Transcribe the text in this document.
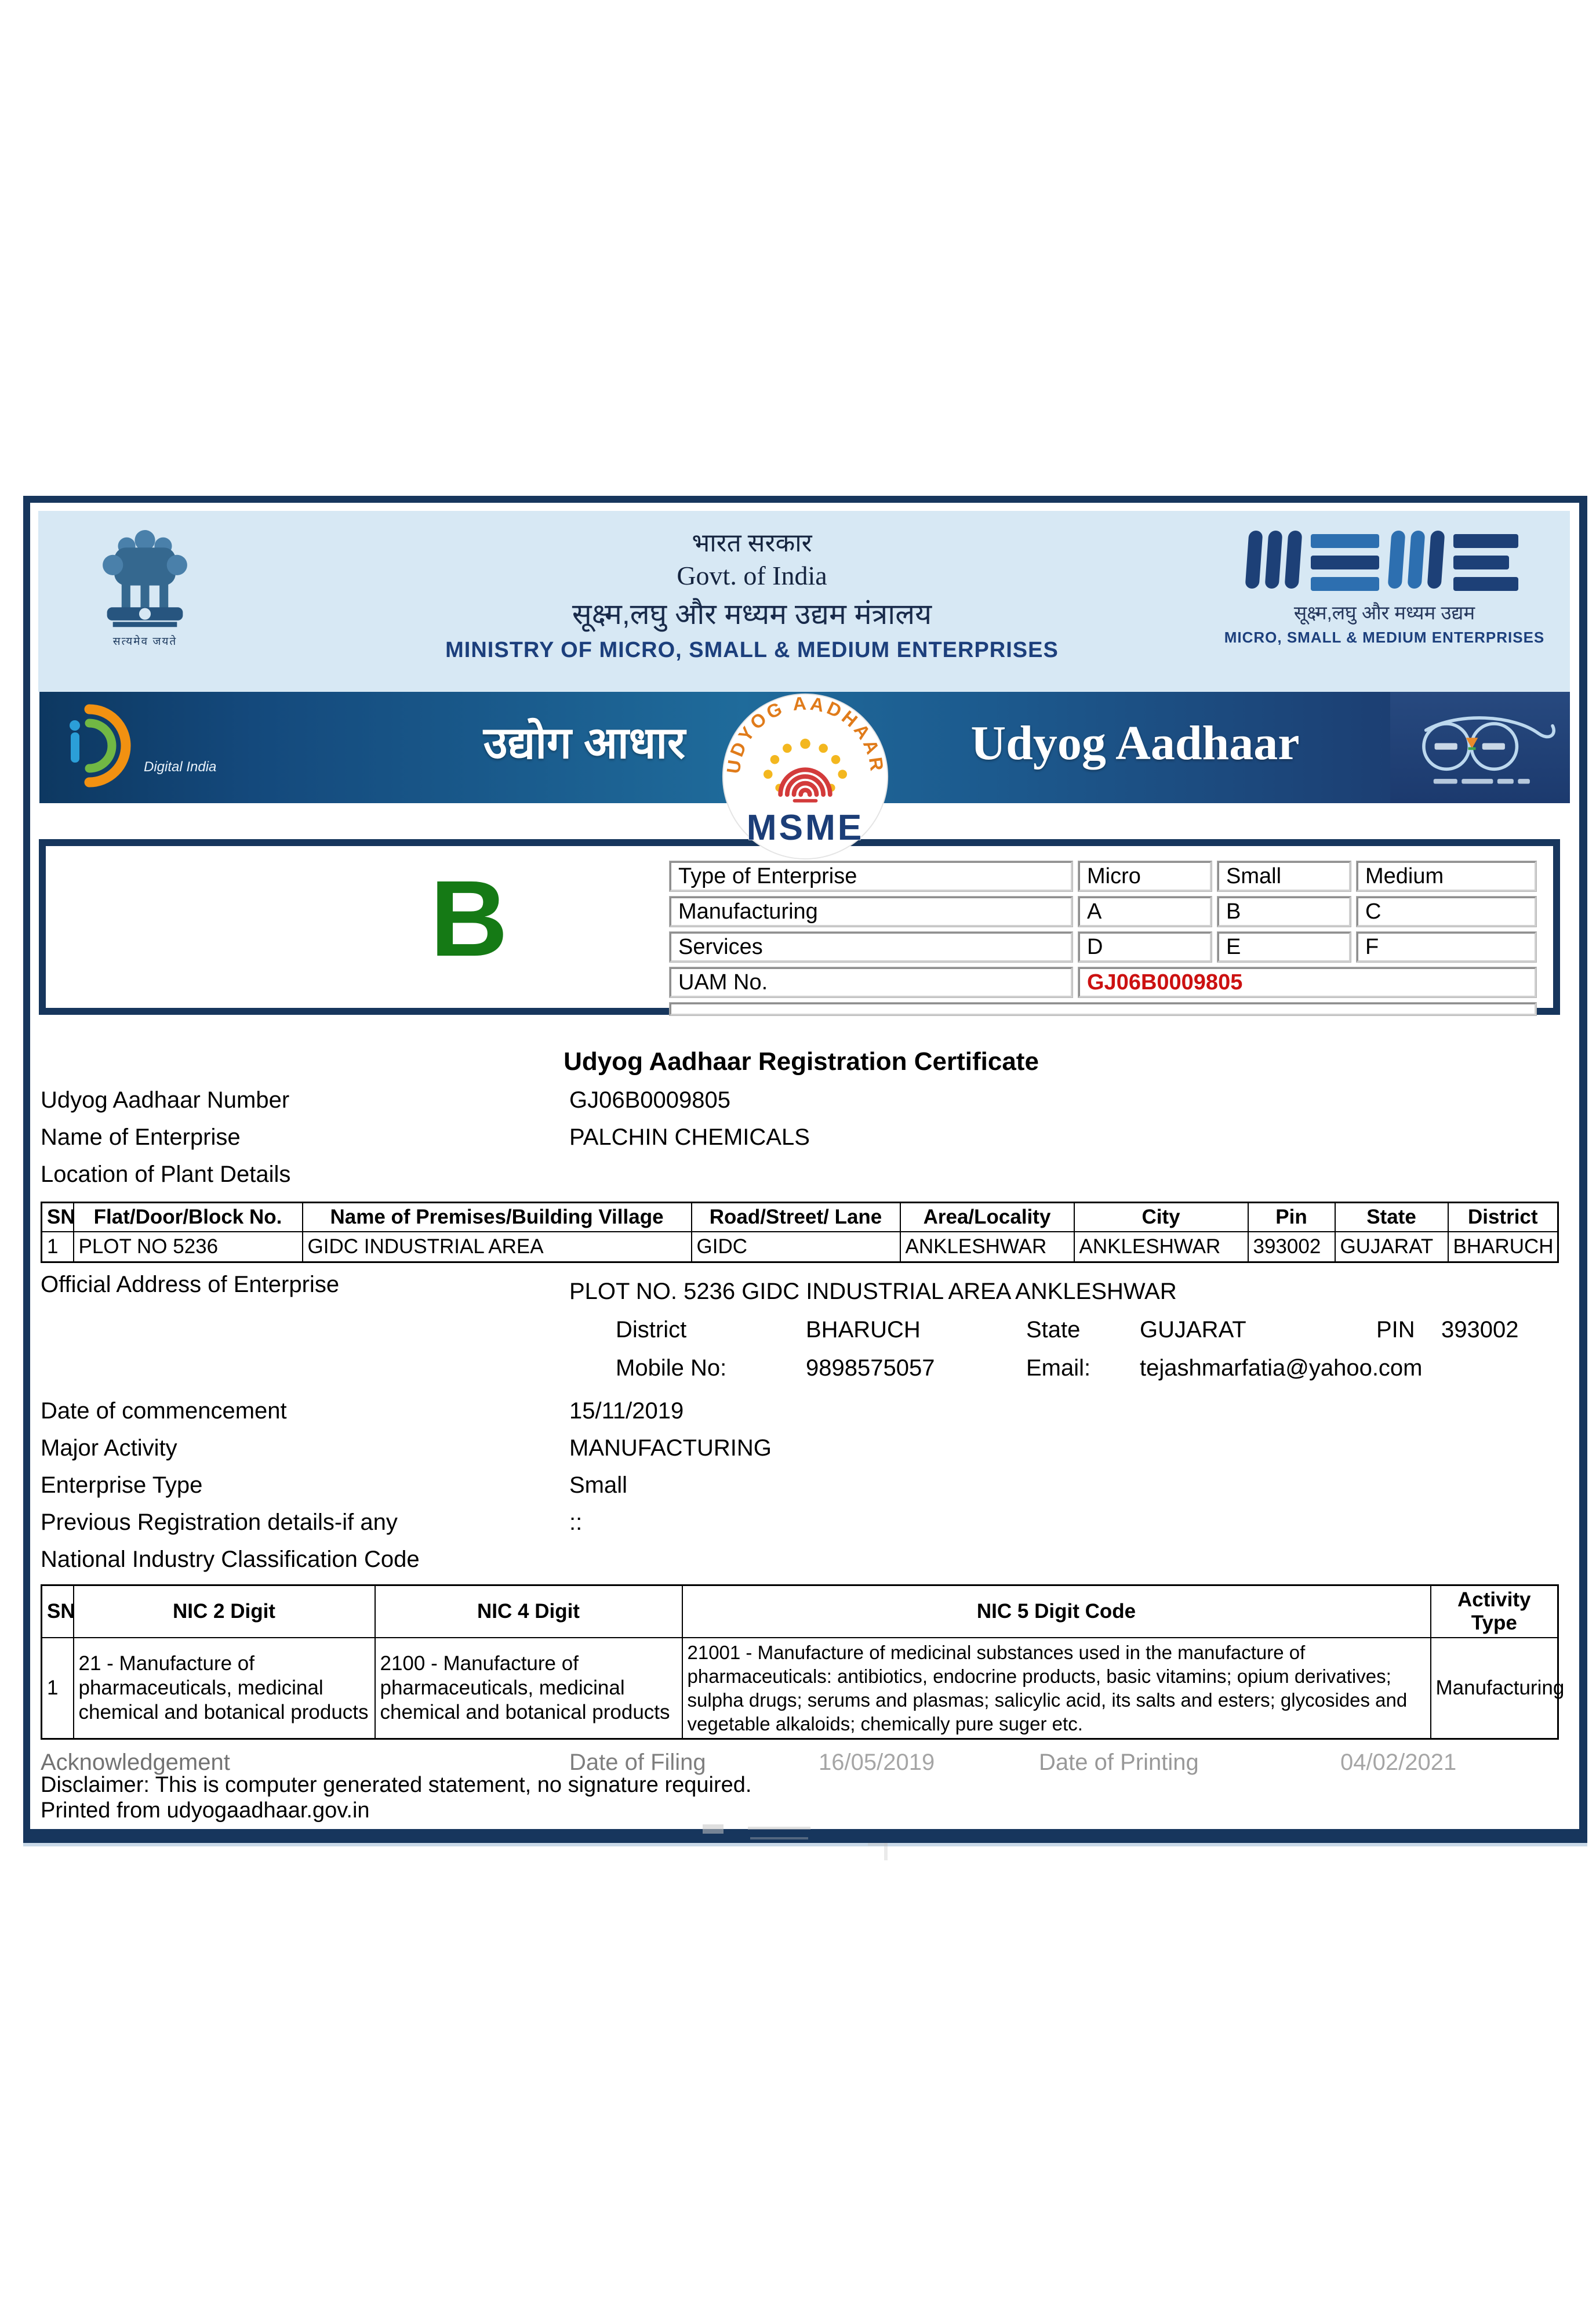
सत्यमेव जयते
भारत सरकार
Govt. of India
सूक्ष्म,लघु और मध्यम उद्यम मंत्रालय
MINISTRY OF MICRO, SMALL & MEDIUM ENTERPRISES
सूक्ष्म,लघु और मध्यम उद्यम
MICRO, SMALL & MEDIUM ENTERPRISES
Digital India	उद्योग आधार	Udyog Aadhaar
B	Type of Enterprise	Micro	Small	Medium
Manufacturing	A	B	C
Services	D	E	F
UAM No.	GJ06B0009805
Udyog Aadhaar Registration Certificate
Udyog Aadhaar Number	GJ06B0009805
Name of Enterprise	PALCHIN CHEMICALS
Location of Plant Details
SN	Flat/Door/Block No.	Name of Premises/Building Village	Road/Street/ Lane	Area/Locality	City	Pin	State	District
1	PLOT NO 5236	GIDC INDUSTRIAL AREA	GIDC	ANKLESHWAR	ANKLESHWAR	393002	GUJARAT	BHARUCH
Official Address of Enterprise	PLOT NO. 5236 GIDC INDUSTRIAL AREA ANKLESHWAR
District	BHARUCH	State	GUJARAT	PIN	393002
Mobile No:	9898575057	Email:	tejashmarfatia@yahoo.com
Date of commencement	15/11/2019
Major Activity	MANUFACTURING
Enterprise Type	Small
Previous Registration details-if any	::
National Industry Classification Code
SN	NIC 2 Digit	NIC 4 Digit	NIC 5 Digit Code	Activity Type
1	21 - Manufacture of pharmaceuticals, medicinal chemical and botanical products	2100 - Manufacture of pharmaceuticals, medicinal chemical and botanical products	21001 - Manufacture of medicinal substances used in the manufacture of pharmaceuticals: antibiotics, endocrine products, basic vitamins; opium derivatives; sulpha drugs; serums and plasmas; salicylic acid, its salts and esters; glycosides and vegetable alkaloids; chemically pure suger etc.	Manufacturing
Acknowledgement	Date of Filing	16/05/2019	Date of Printing	04/02/2021
Disclaimer: This is computer generated statement, no signature required.
Printed from udyogaadhaar.gov.in
UDYOG AADHAAR
MSME
